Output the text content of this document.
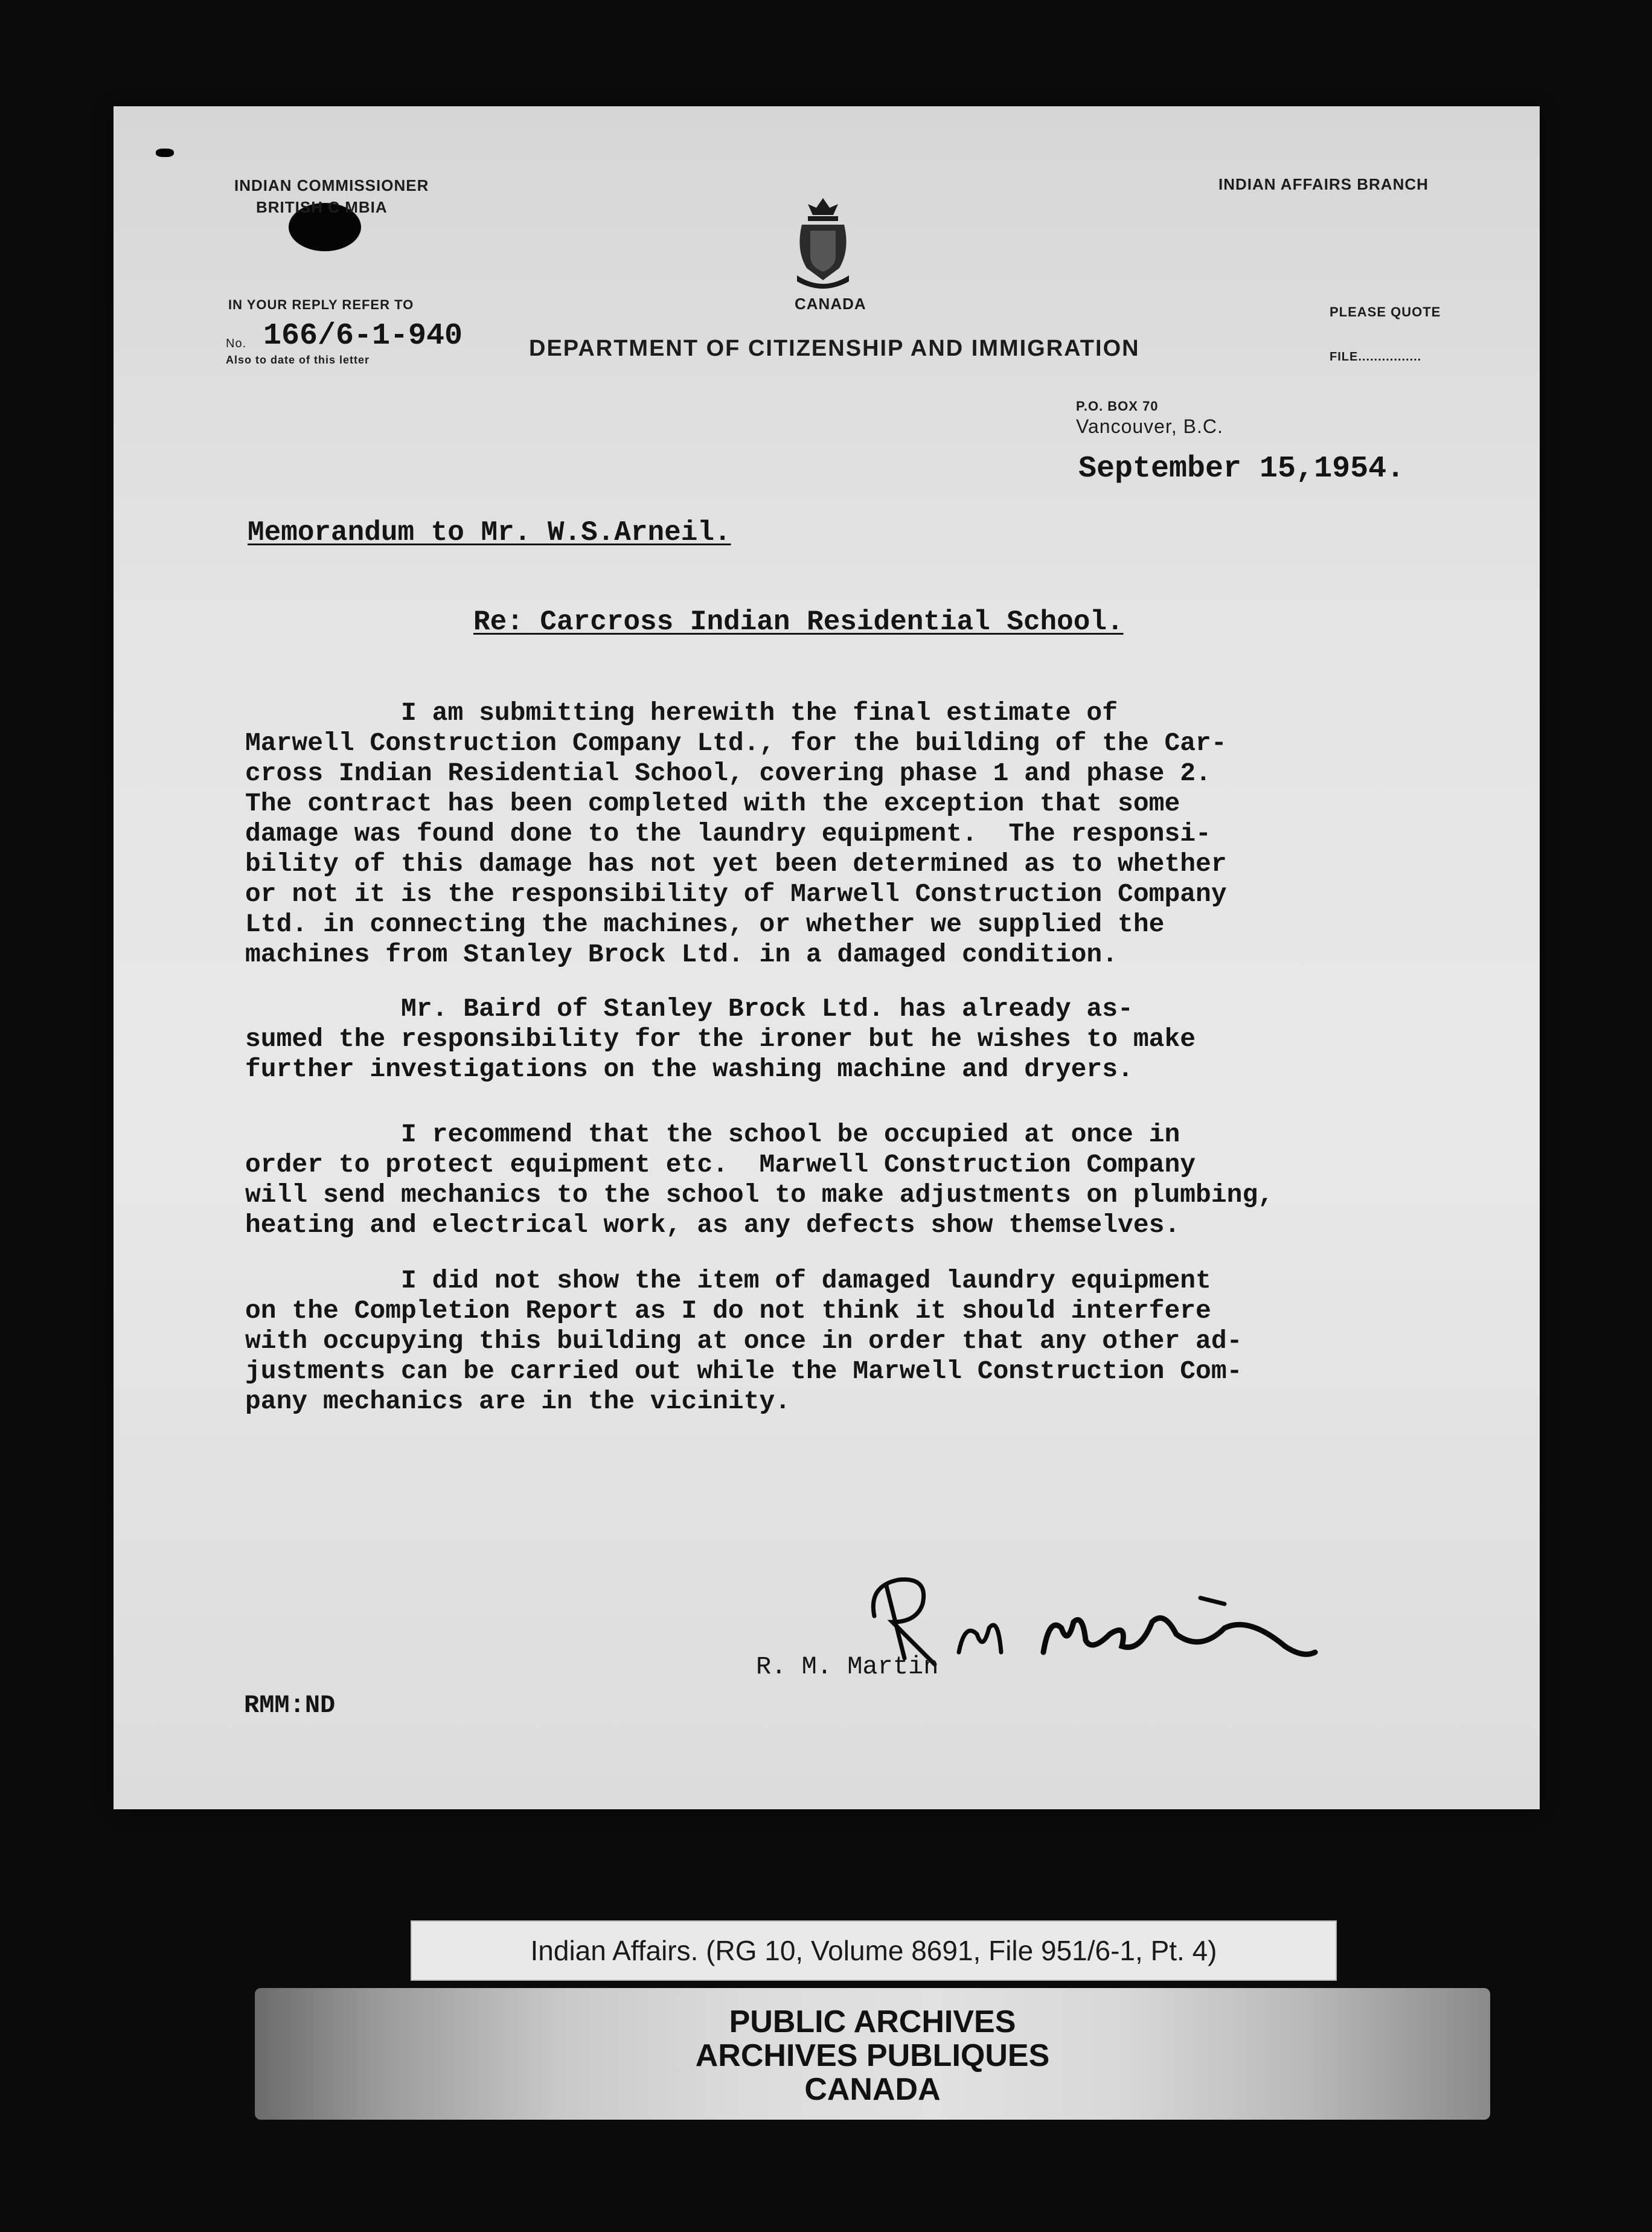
INDIAN COMMISSIONER
BRITISH C MBIA
INDIAN AFFAIRS BRANCH
CANADA
IN YOUR REPLY REFER TO
No. 166/6-1-940
Also to date of this letter	DEPARTMENT OF CITIZENSHIP AND IMMIGRATION
PLEASE QUOTE
FILE................
P.O. BOX 70
Vancouver, B.C.
September 15,1954.
Memorandum to Mr. W.S.Arneil.
Re: Carcross Indian Residential School.
I am submitting herewith the final estimate of
Marwell Construction Company Ltd., for the building of the Car-
cross Indian Residential School, covering phase 1 and phase 2.
The contract has been completed with the exception that some
damage was found done to the laundry equipment.  The responsi-
bility of this damage has not yet been determined as to whether
or not it is the responsibility of Marwell Construction Company
Ltd. in connecting the machines, or whether we supplied the
machines from Stanley Brock Ltd. in a damaged condition.
Mr. Baird of Stanley Brock Ltd. has already as-
sumed the responsibility for the ironer but he wishes to make
further investigations on the washing machine and dryers.
I recommend that the school be occupied at once in
order to protect equipment etc.  Marwell Construction Company
will send mechanics to the school to make adjustments on plumbing,
heating and electrical work, as any defects show themselves.
I did not show the item of damaged laundry equipment
on the Completion Report as I do not think it should interfere
with occupying this building at once in order that any other ad-
justments can be carried out while the Marwell Construction Com-
pany mechanics are in the vicinity.
R. M. Martin
RMM:ND
Indian Affairs. (RG 10, Volume 8691, File 951/6-1, Pt. 4)
PUBLIC ARCHIVES
ARCHIVES PUBLIQUES
CANADA
